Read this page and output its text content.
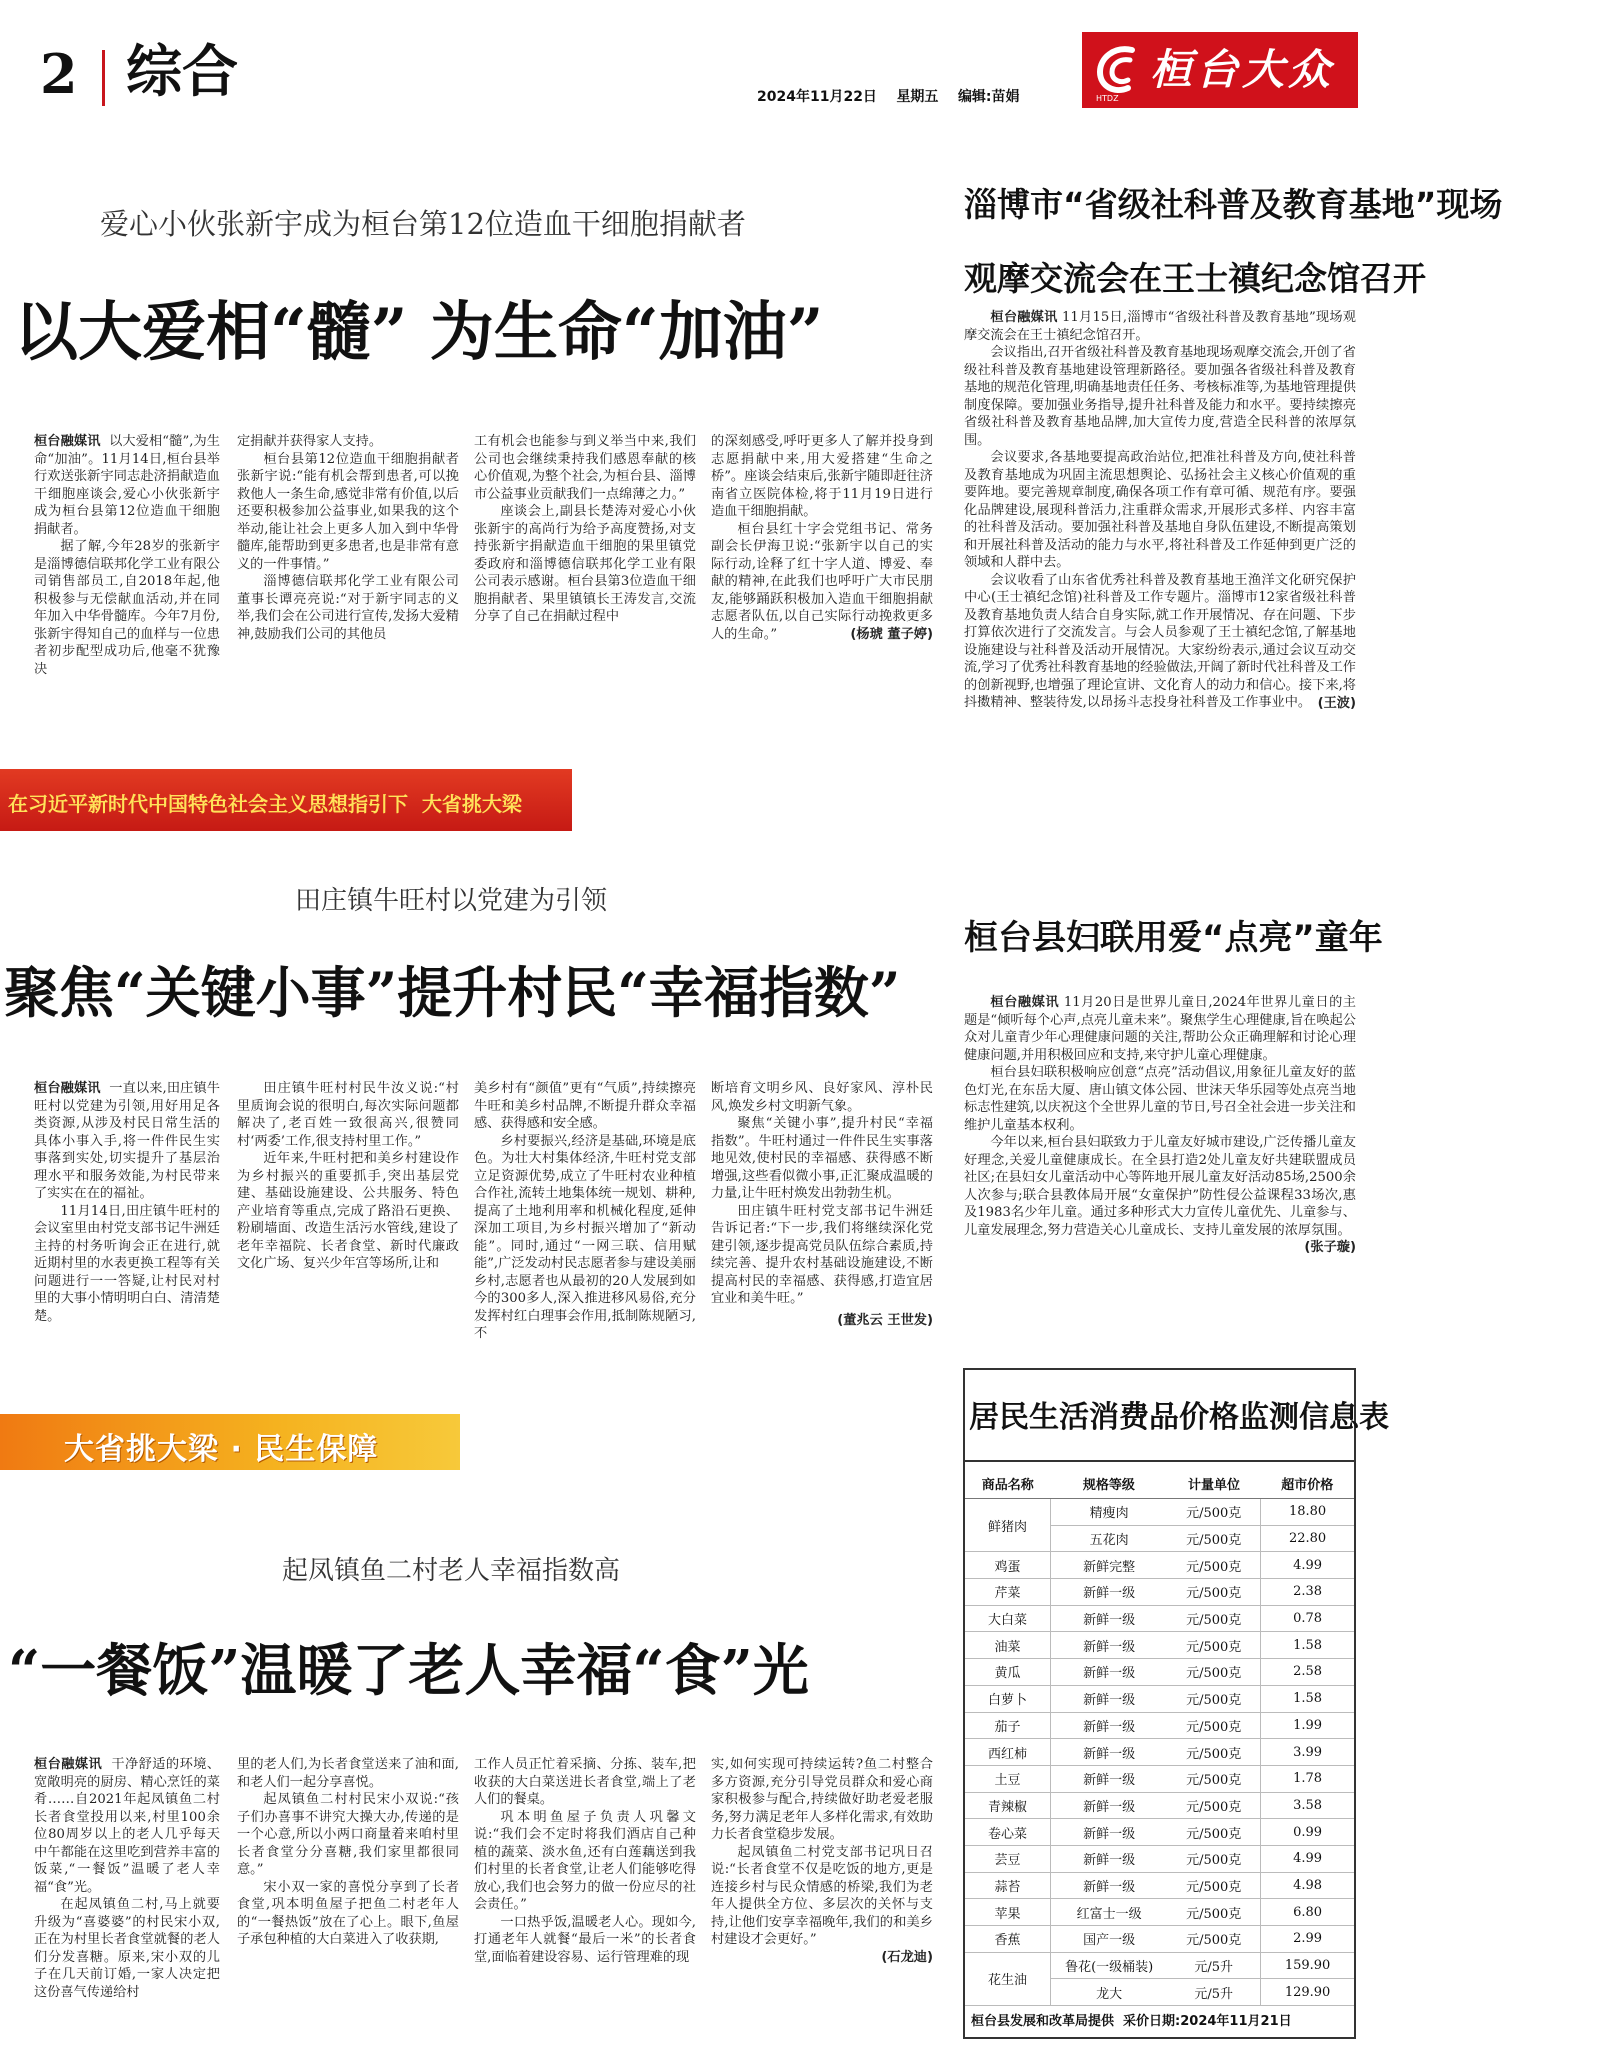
2 综合	2024年11月22日 星期五 编辑:苗娟	HTDZ
桓台大众
爱心小伙张新宇成为桓台第12位造血干细胞捐献者
以大爱相“髓” 为生命“加油”

桓台融媒讯 以大爱相“髓”,为生命“加油”。11月14日,桓台县举行欢送张新宇同志赴济捐献造血干细胞座谈会,爱心小伙张新宇成为桓台县第12位造血干细胞捐献者。

据了解,今年28岁的张新宇是淄博德信联邦化学工业有限公司销售部员工,自2018年起,他积极参与无偿献血活动,并在同年加入中华骨髓库。今年7月份,张新宇得知自己的血样与一位患者初步配型成功后,他毫不犹豫决

定捐献并获得家人支持。

桓台县第12位造血干细胞捐献者张新宇说:“能有机会帮到患者,可以挽救他人一条生命,感觉非常有价值,以后还要积极参加公益事业,如果我的这个举动,能让社会上更多人加入到中华骨髓库,能帮助到更多患者,也是非常有意义的一件事情。”

淄博德信联邦化学工业有限公司董事长谭亮亮说:“对于新宇同志的义举,我们会在公司进行宣传,发扬大爱精神,鼓励我们公司的其他员

工有机会也能参与到义举当中来,我们公司也会继续秉持我们感恩奉献的核心价值观,为整个社会,为桓台县、淄博市公益事业贡献我们一点绵薄之力。”

座谈会上,副县长楚涛对爱心小伙张新宇的高尚行为给予高度赞扬,对支持张新宇捐献造血干细胞的果里镇党委政府和淄博德信联邦化学工业有限公司表示感谢。桓台县第3位造血干细胞捐献者、果里镇镇长王涛发言,交流分享了自己在捐献过程中

的深刻感受,呼吁更多人了解并投身到志愿捐献中来,用大爱搭建“生命之桥”。座谈会结束后,张新宇随即赶往济南省立医院体检,将于11月19日进行造血干细胞捐献。

桓台县红十字会党组书记、常务副会长伊海卫说:“张新宇以自己的实际行动,诠释了红十字人道、博爱、奉献的精神,在此我们也呼吁广大市民朋友,能够踊跃积极加入造血干细胞捐献志愿者队伍,以自己实际行动挽救更多人的生命。”	(杨琥 董子婷)
在习近平新时代中国特色社会主义思想指引下  大省挑大梁
田庄镇牛旺村以党建为引领
聚焦“关键小事”提升村民“幸福指数”

桓台融媒讯 一直以来,田庄镇牛旺村以党建为引领,用好用足各类资源,从涉及村民日常生活的具体小事入手,将一件件民生实事落到实处,切实提升了基层治理水平和服务效能,为村民带来了实实在在的福祉。

11月14日,田庄镇牛旺村的会议室里由村党支部书记牛洲廷主持的村务听询会正在进行,就近期村里的水表更换工程等有关问题进行一一答疑,让村民对村里的大事小情明明白白、清清楚楚。

田庄镇牛旺村村民牛汝义说:“村里质询会说的很明白,每次实际问题都解决了,老百姓一致很高兴,很赞同村‘两委’工作,很支持村里工作。”

近年来,牛旺村把和美乡村建设作为乡村振兴的重要抓手,突出基层党建、基础设施建设、公共服务、特色产业培育等重点,完成了路沿石更换、粉刷墙面、改造生活污水管线,建设了老年幸福院、长者食堂、新时代廉政文化广场、复兴少年宫等场所,让和

美乡村有“颜值”更有“气质”,持续擦亮牛旺和美乡村品牌,不断提升群众幸福感、获得感和安全感。

乡村要振兴,经济是基础,环境是底色。为壮大村集体经济,牛旺村党支部立足资源优势,成立了牛旺村农业种植合作社,流转土地集体统一规划、耕种,提高了土地利用率和机械化程度,延伸深加工项目,为乡村振兴增加了“新动能”。同时,通过“一网三联、信用赋能”,广泛发动村民志愿者参与建设美丽乡村,志愿者也从最初的20人发展到如今的300多人,深入推进移风易俗,充分发挥村红白理事会作用,抵制陈规陋习,不

断培育文明乡风、良好家风、淳朴民风,焕发乡村文明新气象。

聚焦“关键小事”,提升村民“幸福指数”。牛旺村通过一件件民生实事落地见效,使村民的幸福感、获得感不断增强,这些看似微小事,正汇聚成温暖的力量,让牛旺村焕发出勃勃生机。

田庄镇牛旺村党支部书记牛洲廷告诉记者:“下一步,我们将继续深化党建引领,逐步提高党员队伍综合素质,持续完善、提升农村基础设施建设,不断提高村民的幸福感、获得感,打造宜居宜业和美牛旺。”

(董兆云 王世发)
大省挑大梁 · 民生保障
起凤镇鱼二村老人幸福指数高
“一餐饭”温暖了老人幸福“食”光

桓台融媒讯 干净舒适的环境、宽敞明亮的厨房、精心烹饪的菜肴……自2021年起凤镇鱼二村长者食堂投用以来,村里100余位80周岁以上的老人几乎每天中午都能在这里吃到营养丰富的饭菜,“一餐饭”温暖了老人幸福“食”光。

在起凤镇鱼二村,马上就要升级为“喜婆婆”的村民宋小双,正在为村里长者食堂就餐的老人们分发喜糖。原来,宋小双的儿子在几天前订婚,一家人决定把这份喜气传递给村

里的老人们,为长者食堂送来了油和面,和老人们一起分享喜悦。

起凤镇鱼二村村民宋小双说:“孩子们办喜事不讲究大操大办,传递的是一个心意,所以小两口商量着来咱村里长者食堂分分喜糖,我们家里都很同意。”

宋小双一家的喜悦分享到了长者食堂,巩本明鱼屋子把鱼二村老年人的“一餐热饭”放在了心上。眼下,鱼屋子承包种植的大白菜进入了收获期,

工作人员正忙着采摘、分拣、装车,把收获的大白菜送进长者食堂,端上了老人们的餐桌。

巩本明鱼屋子负责人巩馨文说:“我们会不定时将我们酒店自己种植的蔬菜、淡水鱼,还有白莲藕送到我们村里的长者食堂,让老人们能够吃得放心,我们也会努力的做一份应尽的社会责任。”

一口热乎饭,温暖老人心。现如今,打通老年人就餐“最后一米”的长者食堂,面临着建设容易、运行管理难的现

实,如何实现可持续运转?鱼二村整合多方资源,充分引导党员群众和爱心商家积极参与配合,持续做好助老爱老服务,努力满足老年人多样化需求,有效助力长者食堂稳步发展。

起凤镇鱼二村党支部书记巩日召说:“长者食堂不仅是吃饭的地方,更是连接乡村与民众情感的桥梁,我们为老年人提供全方位、多层次的关怀与支持,让他们安享幸福晚年,我们的和美乡村建设才会更好。”

(石龙迪)
淄博市“省级社科普及教育基地”现场
观摩交流会在王士禛纪念馆召开

桓台融媒讯 11月15日,淄博市“省级社科普及教育基地”现场观摩交流会在王士禛纪念馆召开。

会议指出,召开省级社科普及教育基地现场观摩交流会,开创了省级社科普及教育基地建设管理新路径。要加强各省级社科普及教育基地的规范化管理,明确基地责任任务、考核标准等,为基地管理提供制度保障。要加强业务指导,提升社科普及能力和水平。要持续擦亮省级社科普及教育基地品牌,加大宣传力度,营造全民科普的浓厚氛围。

会议要求,各基地要提高政治站位,把准社科普及方向,使社科普及教育基地成为巩固主流思想舆论、弘扬社会主义核心价值观的重要阵地。要完善规章制度,确保各项工作有章可循、规范有序。要强化品牌建设,展现科普活力,注重群众需求,开展形式多样、内容丰富的社科普及活动。要加强社科普及基地自身队伍建设,不断提高策划和开展社科普及活动的能力与水平,将社科普及工作延伸到更广泛的领域和人群中去。

会议收看了山东省优秀社科普及教育基地王渔洋文化研究保护中心(王士禛纪念馆)社科普及工作专题片。淄博市12家省级社科普及教育基地负责人结合自身实际,就工作开展情况、存在问题、下步打算依次进行了交流发言。与会人员参观了王士禛纪念馆,了解基地设施建设与社科普及活动开展情况。大家纷纷表示,通过会议互动交流,学习了优秀社科教育基地的经验做法,开阔了新时代社科普及工作的创新视野,也增强了理论宣讲、文化育人的动力和信心。接下来,将抖擞精神、整装待发,以昂扬斗志投身社科普及工作事业中。 (王波)
桓台县妇联用爱“点亮”童年

桓台融媒讯 11月20日是世界儿童日,2024年世界儿童日的主题是“倾听每个心声,点亮儿童未来”。聚焦学生心理健康,旨在唤起公众对儿童青少年心理健康问题的关注,帮助公众正确理解和讨论心理健康问题,并用积极回应和支持,来守护儿童心理健康。

桓台县妇联积极响应创意“点亮”活动倡议,用象征儿童友好的蓝色灯光,在东岳大厦、唐山镇文体公园、世沫天华乐园等处点亮当地标志性建筑,以庆祝这个全世界儿童的节日,号召全社会进一步关注和维护儿童基本权利。

今年以来,桓台县妇联致力于儿童友好城市建设,广泛传播儿童友好理念,关爱儿童健康成长。在全县打造2处儿童友好共建联盟成员社区;在县妇女儿童活动中心等阵地开展儿童友好活动85场,2500余人次参与;联合县教体局开展“女童保护”防性侵公益课程33场次,惠及1983名少年儿童。通过多种形式大力宣传儿童优先、儿童参与、儿童发展理念,努力营造关心儿童成长、支持儿童发展的浓厚氛围。

(张子璇)
居民生活消费品价格监测信息表
商品名称	规格等级	计量单位	超市价格
鲜猪肉	精瘦肉	元/500克	18.80
	五花肉	元/500克	22.80
鸡蛋	新鲜完整	元/500克	4.99
芹菜	新鲜一级	元/500克	2.38
大白菜	新鲜一级	元/500克	0.78
油菜	新鲜一级	元/500克	1.58
黄瓜	新鲜一级	元/500克	2.58
白萝卜	新鲜一级	元/500克	1.58
茄子	新鲜一级	元/500克	1.99
西红柿	新鲜一级	元/500克	3.99
土豆	新鲜一级	元/500克	1.78
青辣椒	新鲜一级	元/500克	3.58
卷心菜	新鲜一级	元/500克	0.99
芸豆	新鲜一级	元/500克	4.99
蒜苔	新鲜一级	元/500克	4.98
苹果	红富士一级	元/500克	6.80
香蕉	国产一级	元/500克	2.99
花生油	鲁花(一级桶装)	元/5升	159.90
	龙大	元/5升	129.90
桓台县发展和改革局提供  采价日期:2024年11月21日
